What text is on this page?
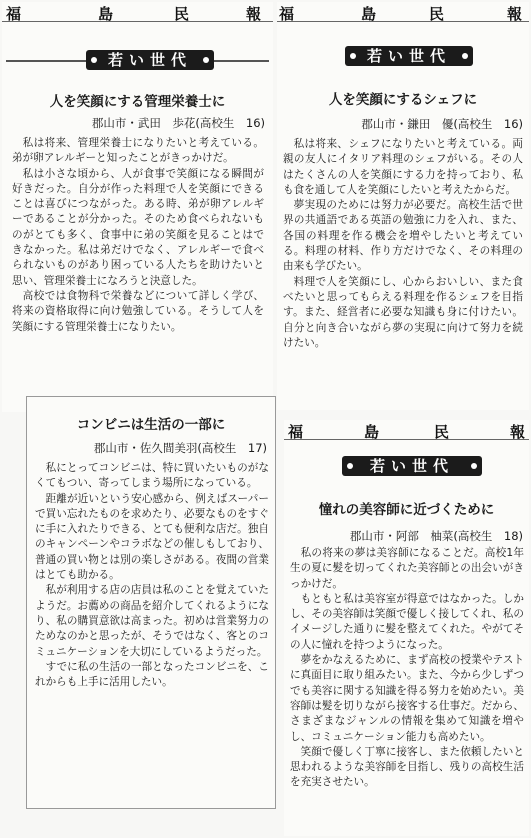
福	島	民	報
若い世代
人を笑顔にする管理栄養士に
郡山市・武田　歩花(高校生　16)

私は将来、管理栄養士になりたいと考えている。弟が卵アレルギーと知ったことがきっかけだ。

私は小さな頃から、人が食事で笑顔になる瞬間が好きだった。自分が作った料理で人を笑顔にできることは喜びにつながった。ある時、弟が卵アレルギーであることが分かった。そのため食べられないものがとても多く、食事中に弟の笑顔を見ることはできなかった。私は弟だけでなく、アレルギーで食べられないものがあり困っている人たちを助けたいと思い、管理栄養士になろうと決意した。

高校では食物科で栄養などについて詳しく学び、将来の資格取得に向け勉強している。そうして人を笑顔にする管理栄養士になりたい。

福	島	民	報
若い世代
人を笑顔にするシェフに
郡山市・鎌田　優(高校生　16)

私は将来、シェフになりたいと考えている。両親の友人にイタリア料理のシェフがいる。その人はたくさんの人を笑顔にする力を持っており、私も食を通して人を笑顔にしたいと考えたからだ。

夢実現のためには努力が必要だ。高校生活で世界の共通語である英語の勉強に力を入れ、また、各国の料理を作る機会を増やしたいと考えている。料理の材料、作り方だけでなく、その料理の由来も学びたい。

料理で人を笑顔にし、心からおいしい、また食べたいと思ってもらえる料理を作るシェフを目指す。また、経営者に必要な知識も身に付けたい。自分と向き合いながら夢の実現に向けて努力を続けたい。

コンビニは生活の一部に
郡山市・佐久間美羽(高校生　17)

私にとってコンビニは、特に買いたいものがなくてもつい、寄ってしまう場所になっている。

距離が近いという安心感から、例えばスーパーで買い忘れたものを求めたり、必要なものをすぐに手に入れたりできる、とても便利な店だ。独自のキャンペーンやコラボなどの催しもしており、普通の買い物とは別の楽しさがある。夜間の営業はとても助かる。

私が利用する店の店員は私のことを覚えていたようだ。お薦めの商品を紹介してくれるようになり、私の購買意欲は高まった。初めは営業努力のためなのかと思ったが、そうではなく、客とのコミュニケーションを大切にしているようだった。

すでに私の生活の一部となったコンビニを、これからも上手に活用したい。

福	島	民	報
若い世代
憧れの美容師に近づくために
郡山市・阿部　柚菜(高校生　18)

私の将来の夢は美容師になることだ。高校1年生の夏に髪を切ってくれた美容師との出会いがきっかけだ。

もともと私は美容室が得意ではなかった。しかし、その美容師は笑顔で優しく接してくれ、私のイメージした通りに髪を整えてくれた。やがてその人に憧れを持つようになった。

夢をかなえるために、まず高校の授業やテストに真面目に取り組みたい。また、今から少しずつでも美容に関する知識を得る努力を始めたい。美容師は髪を切りながら接客する仕事だ。だから、さまざまなジャンルの情報を集めて知識を増やし、コミュニケーション能力も高めたい。

笑顔で優しく丁寧に接客し、また依頼したいと思われるような美容師を目指し、残りの高校生活を充実させたい。
